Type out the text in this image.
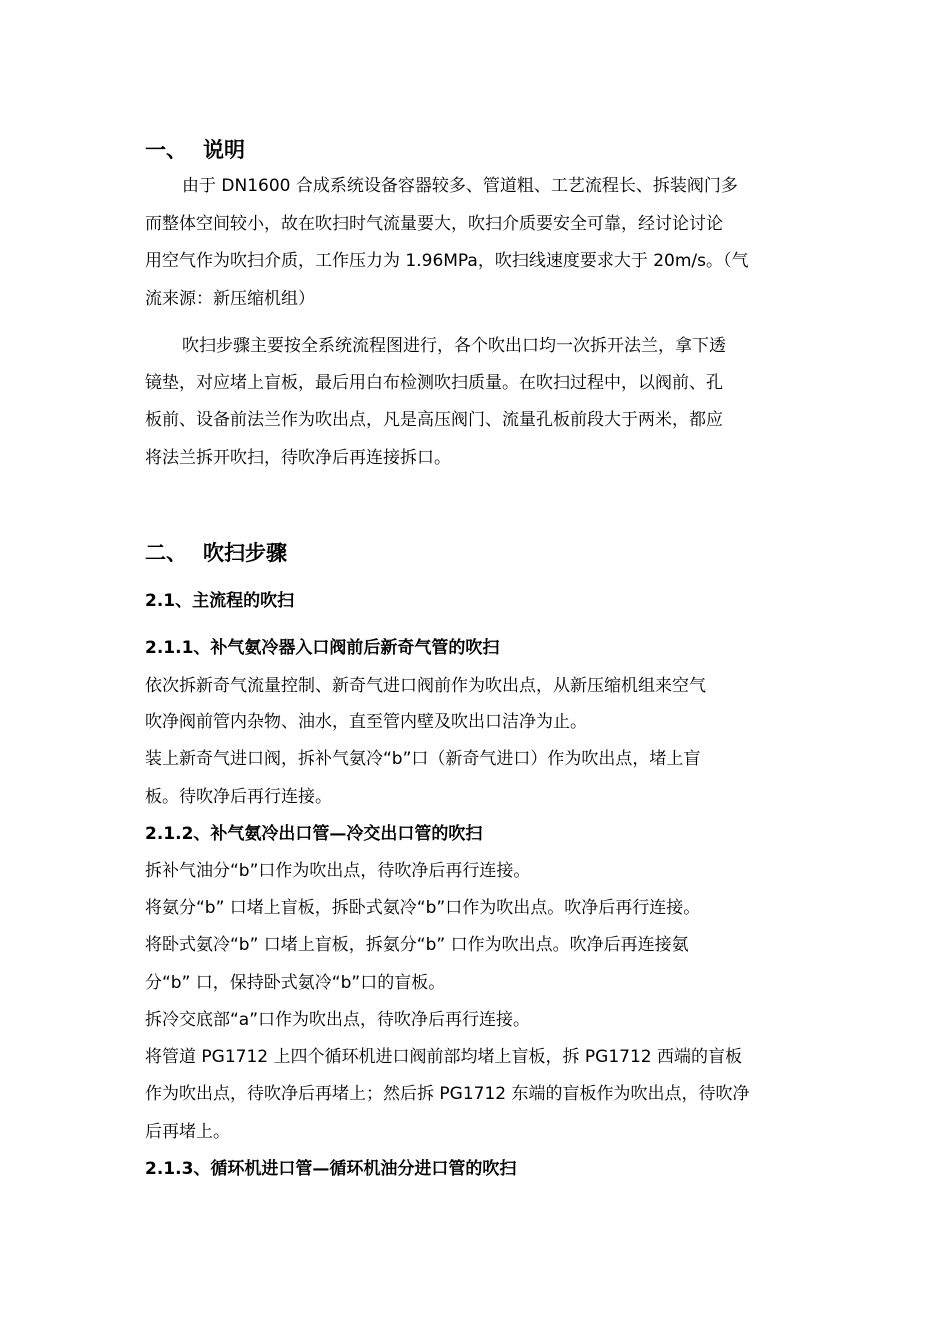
一、 说明
由于 DN1600 合成系统设备容器较多、管道粗、工艺流程长、拆装阀门多
而整体空间较小，故在吹扫时气流量要大，吹扫介质要安全可靠，经讨论讨论
用空气作为吹扫介质，工作压力为 1.96MPa，吹扫线速度要求大于 20m/s。（气
流来源：新压缩机组）
吹扫步骤主要按全系统流程图进行，各个吹出口均一次拆开法兰，拿下透
镜垫，对应堵上盲板，最后用白布检测吹扫质量。在吹扫过程中，以阀前、孔
板前、设备前法兰作为吹出点，凡是高压阀门、流量孔板前段大于两米，都应
将法兰拆开吹扫，待吹净后再连接拆口。
二、 吹扫步骤
2.1、主流程的吹扫
2.1.1、补气氨冷器入口阀前后新奇气管的吹扫
依次拆新奇气流量控制、新奇气进口阀前作为吹出点，从新压缩机组来空气
吹净阀前管内杂物、油水，直至管内壁及吹出口洁净为止。
装上新奇气进口阀，拆补气氨冷“b”口（新奇气进口）作为吹出点，堵上盲
板。待吹净后再行连接。
2.1.2、补气氨冷出口管—冷交出口管的吹扫
拆补气油分“b”口作为吹出点，待吹净后再行连接。
将氨分“b” 口堵上盲板，拆卧式氨冷“b”口作为吹出点。吹净后再行连接。
将卧式氨冷“b” 口堵上盲板，拆氨分“b” 口作为吹出点。吹净后再连接氨
分“b” 口，保持卧式氨冷“b”口的盲板。
拆冷交底部“a”口作为吹出点，待吹净后再行连接。
将管道 PG1712 上四个循环机进口阀前部均堵上盲板，拆 PG1712 西端的盲板
作为吹出点，待吹净后再堵上；然后拆 PG1712 东端的盲板作为吹出点，待吹净
后再堵上。
2.1.3、循环机进口管—循环机油分进口管的吹扫
